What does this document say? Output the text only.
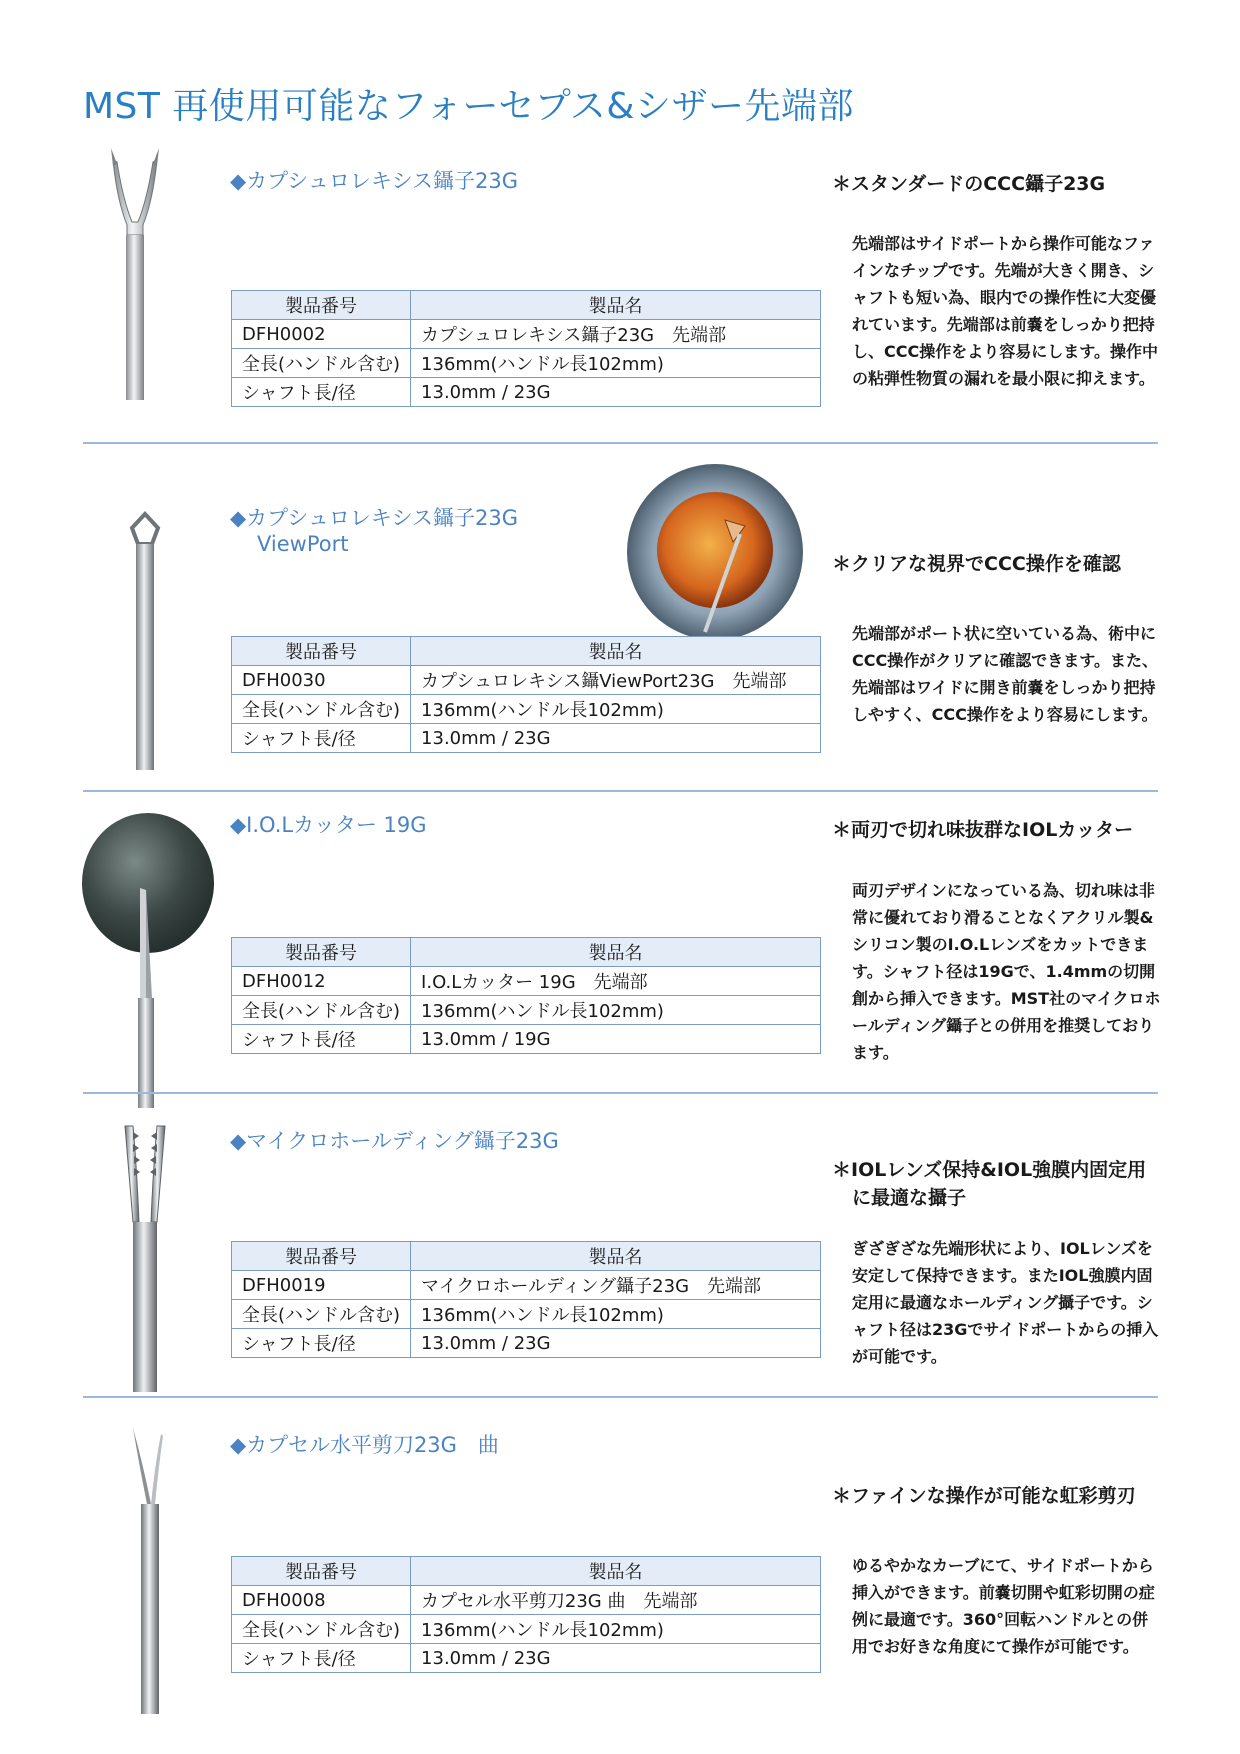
MST 再使用可能なフォーセプス&シザー先端部
◆カプシュロレキシス鑷子23G
製品番号	製品名
DFH0002	カプシュロレキシス鑷子23G　先端部
全長(ハンドル含む)	136mm(ハンドル長102mm)
シャフト長/径	13.0mm / 23G
＊スタンダードのCCC鑷子23G
先端部はサイドポートから操作可能なファインなチップです。先端が大きく開き、シャフトも短い為、眼内での操作性に大変優れています。先端部は前嚢をしっかり把持し、CCC操作をより容易にします。操作中の粘弾性物質の漏れを最小限に抑えます。
◆カプシュロレキシス鑷子23G
ViewPort
製品番号	製品名
DFH0030	カプシュロレキシス鑷ViewPort23G　先端部
全長(ハンドル含む)	136mm(ハンドル長102mm)
シャフト長/径	13.0mm / 23G
＊クリアな視界でCCC操作を確認
先端部がポート状に空いている為、術中にCCC操作がクリアに確認できます。また、先端部はワイドに開き前嚢をしっかり把持しやすく、CCC操作をより容易にします。
◆I.O.Lカッター 19G
製品番号	製品名
DFH0012	I.O.Lカッター 19G　先端部
全長(ハンドル含む)	136mm(ハンドル長102mm)
シャフト長/径	13.0mm / 19G
＊両刃で切れ味抜群なIOLカッター
両刃デザインになっている為、切れ味は非常に優れており滑ることなくアクリル製&シリコン製のI.O.Lレンズをカットできます。シャフト径は19Gで、1.4mmの切開創から挿入できます。MST社のマイクロホールディング鑷子との併用を推奨しております。
◆マイクロホールディング鑷子23G
製品番号	製品名
DFH0019	マイクロホールディング鑷子23G　先端部
全長(ハンドル含む)	136mm(ハンドル長102mm)
シャフト長/径	13.0mm / 23G
＊IOLレンズ保持&IOL強膜内固定用
に最適な攝子
ぎざぎざな先端形状により、IOLレンズを安定して保持できます。またIOL強膜内固定用に最適なホールディング攝子です。シャフト径は23Gでサイドポートからの挿入が可能です。
◆カプセル水平剪刀23G　曲
製品番号	製品名
DFH0008	カプセル水平剪刀23G 曲　先端部
全長(ハンドル含む)	136mm(ハンドル長102mm)
シャフト長/径	13.0mm / 23G
＊ファインな操作が可能な虹彩剪刃
ゆるやかなカーブにて、サイドポートから挿入ができます。前嚢切開や虹彩切開の症例に最適です。360°回転ハンドルとの併用でお好きな角度にて操作が可能です。
